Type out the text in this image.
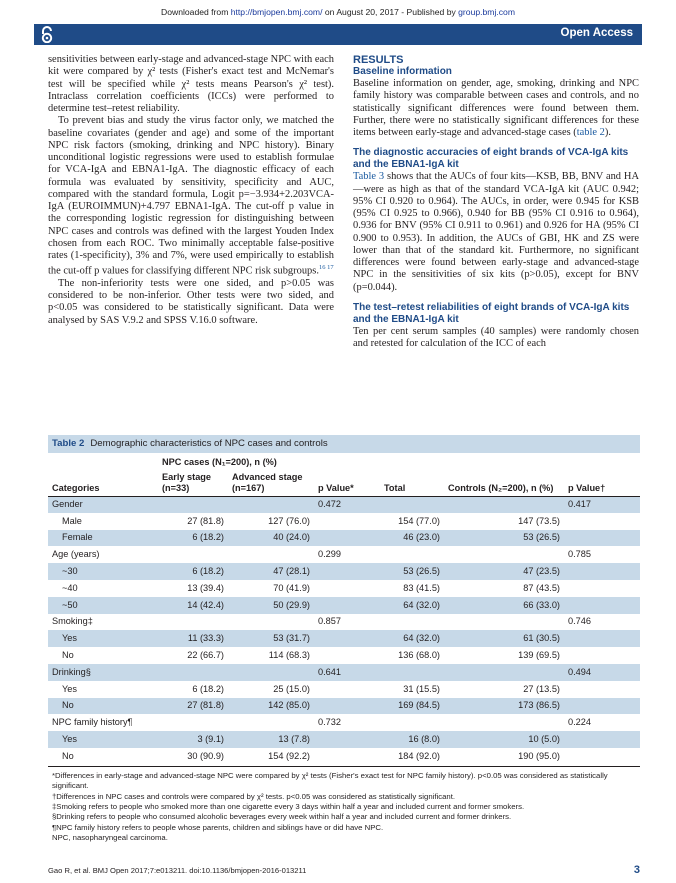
Downloaded from http://bmjopen.bmj.com/ on August 20, 2017 - Published by group.bmj.com
Open Access

sensitivities between early-stage and advanced-stage NPC with each kit were compared by χ² tests (Fisher's exact test and McNemar's test will be specified while χ² tests means Pearson's χ² test). Intraclass correlation coefficients (ICCs) were performed to determine test–retest reliability.

To prevent bias and study the virus factor only, we matched the baseline covariates (gender and age) and some of the important NPC risk factors (smoking, drinking and NPC history). Binary unconditional logistic regressions were used to establish formulae for VCA-IgA and EBNA1-IgA. The diagnostic efficacy of each formula was evaluated by sensitivity, specificity and AUC, compared with the standard formula, Logit p=−3.934+2.203VCA-IgA (EUROIMMUN)+4.797 EBNA1-IgA. The cut-off p value in the corresponding logistic regression for distinguishing between NPC cases and controls was defined with the largest Youden Index chosen from each ROC. Two minimally acceptable false-positive rates (1-specificity), 3% and 7%, were used empirically to establish the cut-off p values for classifying different NPC risk subgroups.$^{16 17}$

The non-inferiority tests were one sided, and p>0.05 was considered to be non-inferior. Other tests were two sided, and p<0.05 was considered to be statistically significant. Data were analysed by SAS V.9.2 and SPSS V.16.0 software.

RESULTS
Baseline information

Baseline information on gender, age, smoking, drinking and NPC family history was comparable between cases and controls, and no statistically significant differences were found between them. Further, there were no statistically significant differences for these items between early-stage and advanced-stage cases (table 2).

The diagnostic accuracies of eight brands of VCA-IgA kits and the EBNA1-IgA kit

Table 3 shows that the AUCs of four kits—KSB, BB, BNV and HA—were as high as that of the standard VCA-IgA kit (AUC 0.942; 95% CI 0.920 to 0.964). The AUCs, in order, were 0.945 for KSB (95% CI 0.925 to 0.966), 0.940 for BB (95% CI 0.916 to 0.964), 0.936 for BNV (95% CI 0.911 to 0.961) and 0.926 for HA (95% CI 0.900 to 0.953). In addition, the AUCs of GBI, HK and ZS were lower than that of the standard kit. Furthermore, no significant differences were found between early-stage and advanced-stage NPC in the sensitivities of six kits (p>0.05), except for BNV (p=0.044).

The test–retest reliabilities of eight brands of VCA-IgA kits and the EBNA1-IgA kit

Ten per cent serum samples (40 samples) were randomly chosen and retested for calculation of the ICC of each

Table 2 Demographic characteristics of NPC cases and controls
	NPC cases (N₁=200), n (%)					
Categories	Early stage (n=33)	Advanced stage (n=167)	p Value*	Total	Controls (N₂=200), n (%)	p Value†
Gender			0.472			0.417
Male	27 (81.8)	127 (76.0)		154 (77.0)	147 (73.5)	
Female	6 (18.2)	40 (24.0)		46 (23.0)	53 (26.5)	
Age (years)			0.299			0.785
~30	6 (18.2)	47 (28.1)		53 (26.5)	47 (23.5)	
~40	13 (39.4)	70 (41.9)		83 (41.5)	87 (43.5)	
~50	14 (42.4)	50 (29.9)		64 (32.0)	66 (33.0)	
Smoking‡			0.857			0.746
Yes	11 (33.3)	53 (31.7)		64 (32.0)	61 (30.5)	
No	22 (66.7)	114 (68.3)		136 (68.0)	139 (69.5)	
Drinking§			0.641			0.494
Yes	6 (18.2)	25 (15.0)		31 (15.5)	27 (13.5)	
No	27 (81.8)	142 (85.0)		169 (84.5)	173 (86.5)	
NPC family history¶			0.732			0.224
Yes	3 (9.1)	13 (7.8)		16 (8.0)	10 (5.0)	
No	30 (90.9)	154 (92.2)		184 (92.0)	190 (95.0)	

*Differences in early-stage and advanced-stage NPC were compared by χ² tests (Fisher's exact test for NPC family history). p<0.05 was considered as statistically significant.

†Differences in NPC cases and controls were compared by χ² tests. p<0.05 was considered as statistically significant.

‡Smoking refers to people who smoked more than one cigarette every 3 days within half a year and included current and former smokers.

§Drinking refers to people who consumed alcoholic beverages every week within half a year and included current and former drinkers.

¶NPC family history refers to people whose parents, children and siblings have or did have NPC.

NPC, nasopharyngeal carcinoma.

Gao R, et al. BMJ Open 2017;7:e013211. doi:10.1136/bmjopen-2016-013211	3
